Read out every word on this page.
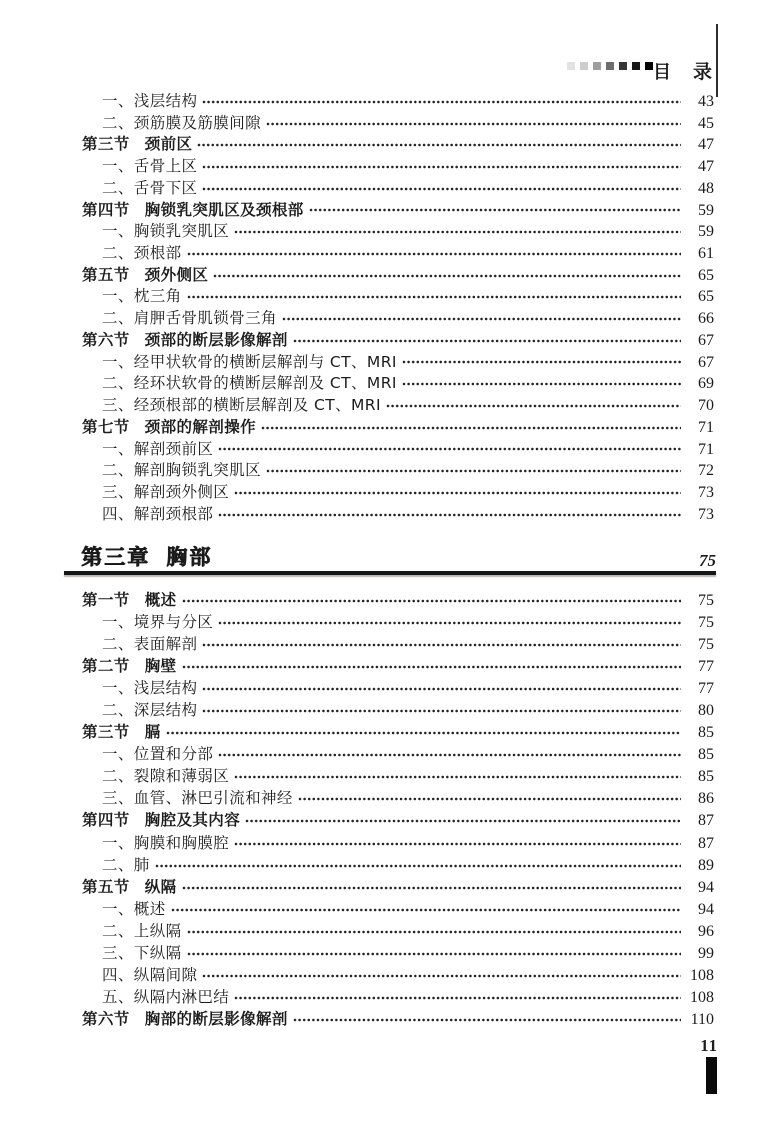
目 录
一、浅层结构	43
二、颈筋膜及筋膜间隙	45
第三节 颈前区	47
一、舌骨上区	47
二、舌骨下区	48
第四节 胸锁乳突肌区及颈根部	59
一、胸锁乳突肌区	59
二、颈根部	61
第五节 颈外侧区	65
一、枕三角	65
二、肩胛舌骨肌锁骨三角	66
第六节 颈部的断层影像解剖	67
一、经甲状软骨的横断层解剖与 CT、MRI	67
二、经环状软骨的横断层解剖及 CT、MRI	69
三、经颈根部的横断层解剖及 CT、MRI	70
第七节 颈部的解剖操作	71
一、解剖颈前区	71
二、解剖胸锁乳突肌区	72
三、解剖颈外侧区	73
四、解剖颈根部	73
第三章 胸部	75
第一节 概述	75
一、境界与分区	75
二、表面解剖	75
第二节 胸壁	77
一、浅层结构	77
二、深层结构	80
第三节 膈	85
一、位置和分部	85
二、裂隙和薄弱区	85
三、血管、淋巴引流和神经	86
第四节 胸腔及其内容	87
一、胸膜和胸膜腔	87
二、肺	89
第五节 纵隔	94
一、概述	94
二、上纵隔	96
三、下纵隔	99
四、纵隔间隙	108
五、纵隔内淋巴结	108
第六节 胸部的断层影像解剖	110
11
